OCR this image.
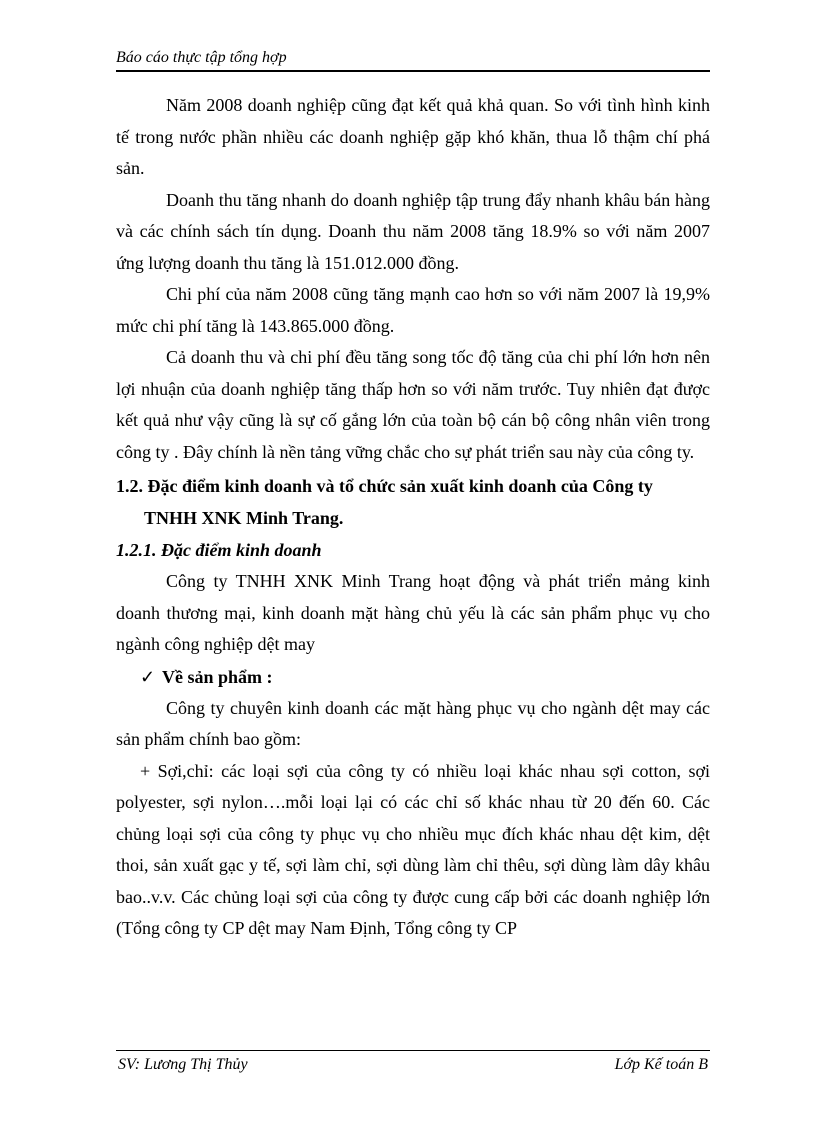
Báo cáo thực tập tổng hợp

Năm 2008 doanh nghiệp cũng đạt kết quả khả quan. So với tình hình kinh tế trong nước phần nhiều các doanh nghiệp gặp khó khăn, thua lỗ thậm chí phá sản.

Doanh thu tăng nhanh do doanh nghiệp tập trung đẩy nhanh khâu bán hàng và các chính sách tín dụng. Doanh thu năm 2008 tăng 18.9% so với năm 2007 ứng lượng doanh thu tăng là 151.012.000 đồng.

Chi phí của năm 2008 cũng tăng mạnh cao hơn so với năm 2007 là 19,9% mức chi phí tăng là 143.865.000 đồng.

Cả doanh thu và chi phí đều tăng song tốc độ tăng của chi phí lớn hơn nên lợi nhuận của doanh nghiệp tăng thấp hơn so với năm trước. Tuy nhiên đạt được kết quả như vậy cũng là sự cố gắng lớn của toàn bộ cán bộ công nhân viên trong công ty . Đây chính là nền tảng vững chắc cho sự phát triển sau này của công ty.

1.2. Đặc điểm kinh doanh và tổ chức sản xuất kinh doanh của Công ty
TNHH XNK Minh Trang.

1.2.1. Đặc điểm kinh doanh

Công ty TNHH XNK Minh Trang hoạt động và phát triển mảng kinh doanh thương mại, kinh doanh mặt hàng chủ yếu là các sản phẩm phục vụ cho ngành công nghiệp dệt may

✓ Về sản phẩm :

Công ty chuyên kinh doanh các mặt hàng phục vụ cho ngành dệt may các sản phẩm chính bao gồm:

+ Sợi,chỉ: các loại sợi của công ty có nhiều loại khác nhau sợi cotton, sợi polyester, sợi nylon….mỗi loại lại có các chỉ số khác nhau từ 20 đến 60. Các chủng loại sợi của công ty phục vụ cho nhiều mục đích khác nhau dệt kim, dệt thoi, sản xuất gạc y tế, sợi làm chỉ, sợi dùng làm chỉ thêu, sợi dùng làm dây khâu bao..v.v. Các chủng loại sợi của công ty được cung cấp bởi các doanh nghiệp lớn (Tổng công ty CP dệt may Nam Định, Tổng công ty CP

SV: Lương Thị Thủy	Lớp Kế toán B
